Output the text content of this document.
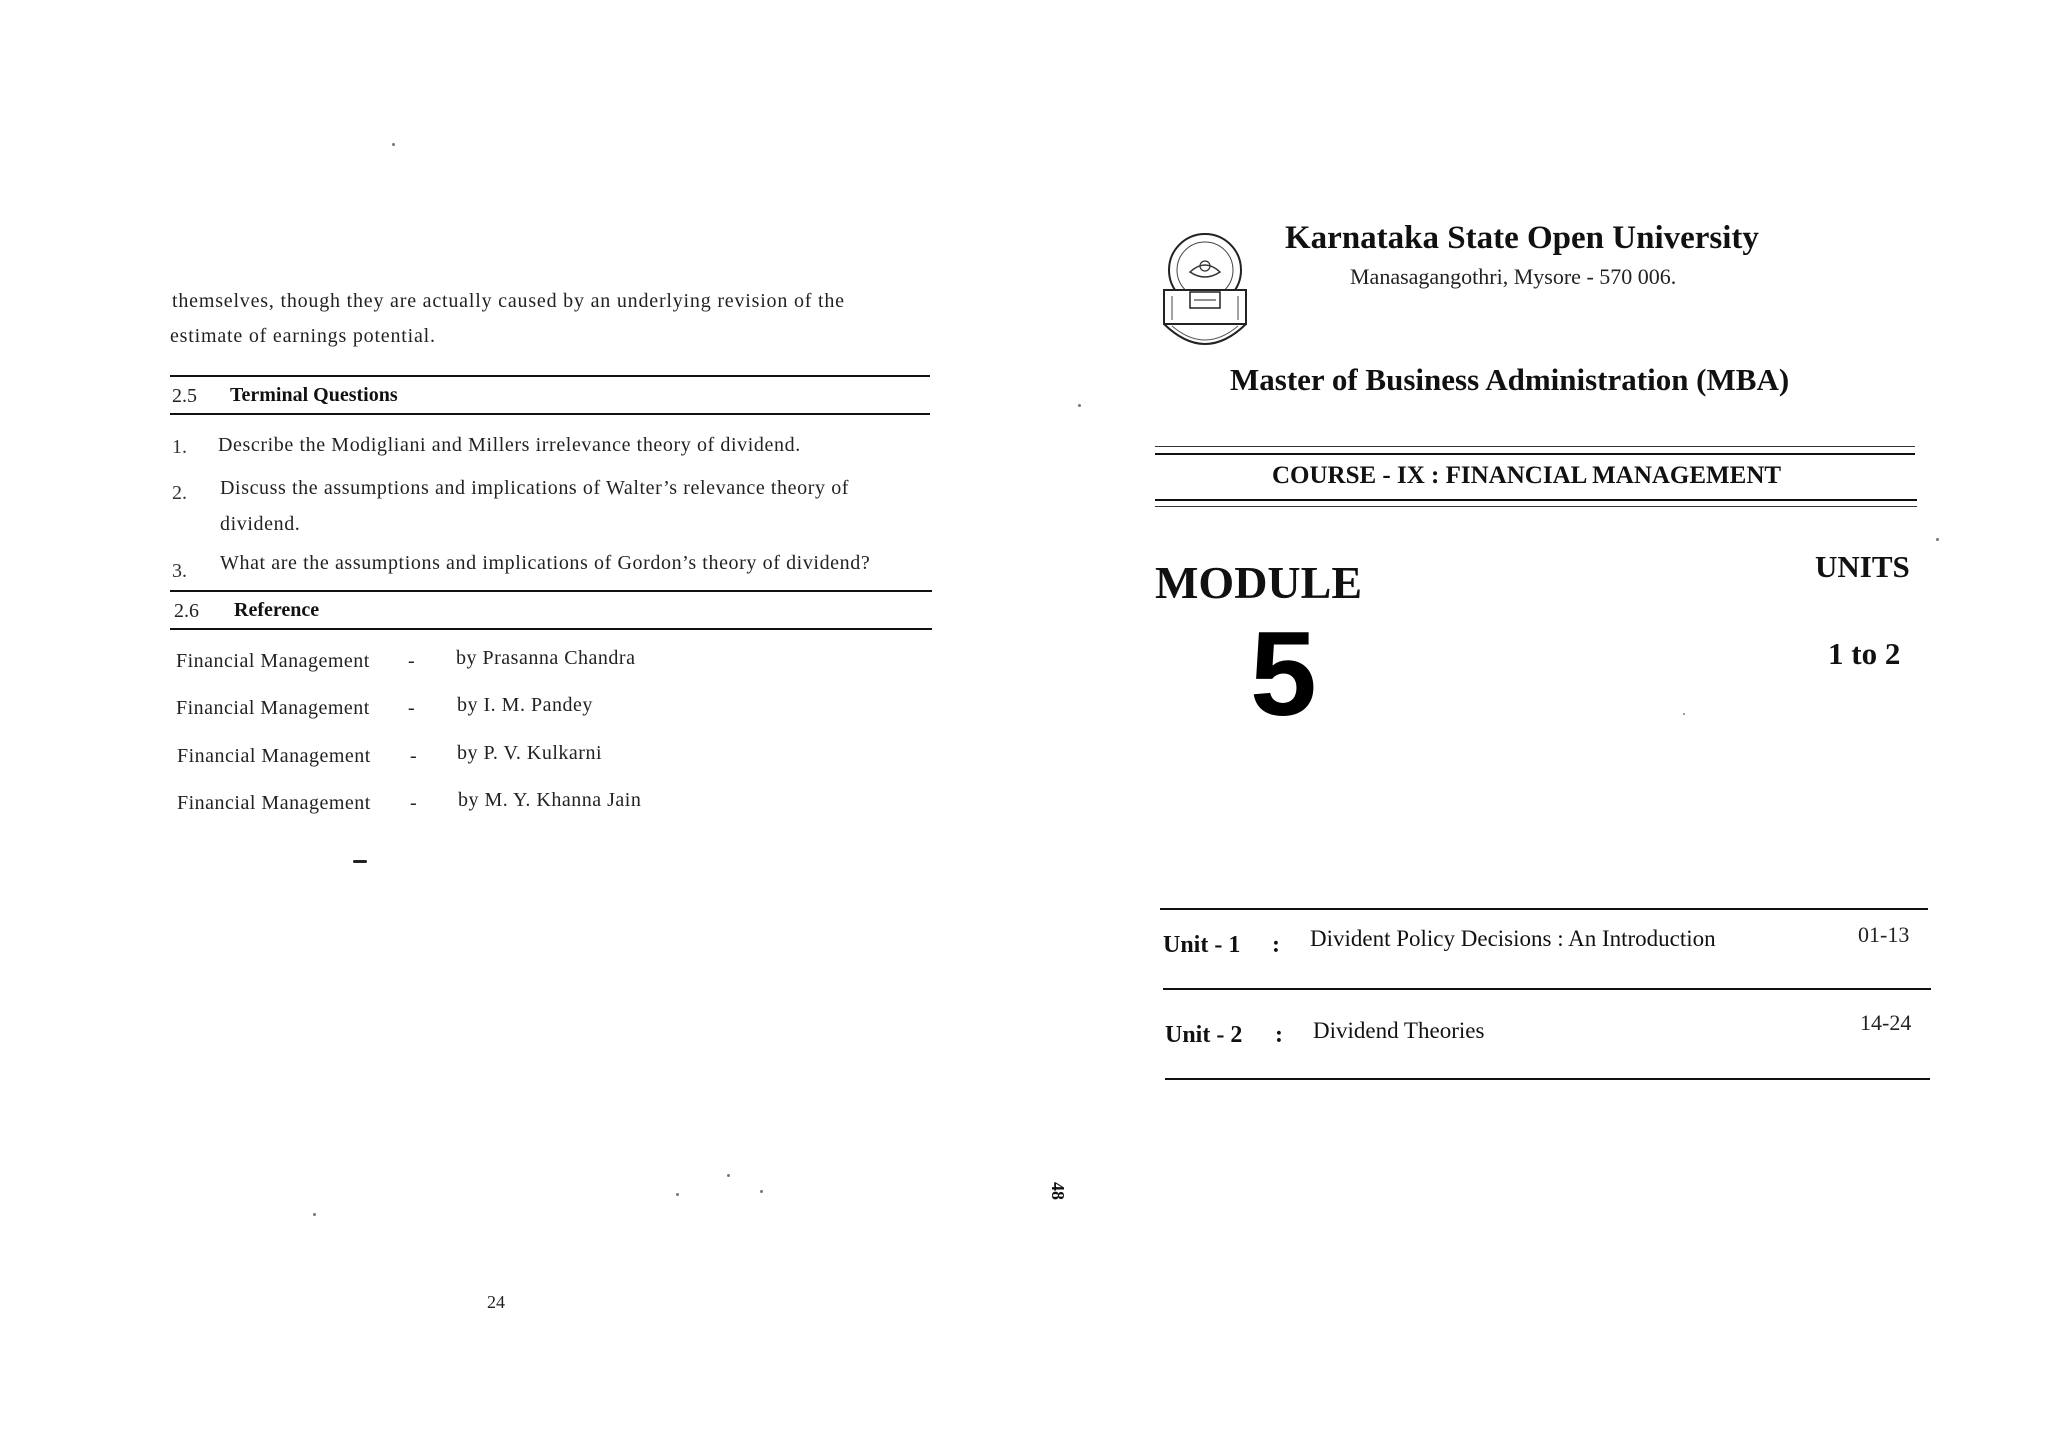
themselves, though they are actually caused by an underlying revision of the
estimate of earnings potential.
2.5 Terminal Questions
1. Describe the Modigliani and Millers irrelevance theory of dividend.
2. Discuss the assumptions and implications of Walter’s relevance theory of
dividend.
3. What are the assumptions and implications of Gordon’s theory of dividend?
2.6 Reference
Financial Management - by Prasanna Chandra
Financial Management - by I. M. Pandey
Financial Management - by P. V. Kulkarni
Financial Management - by M. Y. Khanna Jain
24
48
Karnataka State Open University
Manasagangothri, Mysore - 570 006.
Master of Business Administration (MBA)
COURSE - IX : FINANCIAL MANAGEMENT
MODULE
5
UNITS
1 to 2
Unit - 1 : Divident Policy Decisions : An Introduction	01-13
Unit - 2 : Dividend Theories	14-24
